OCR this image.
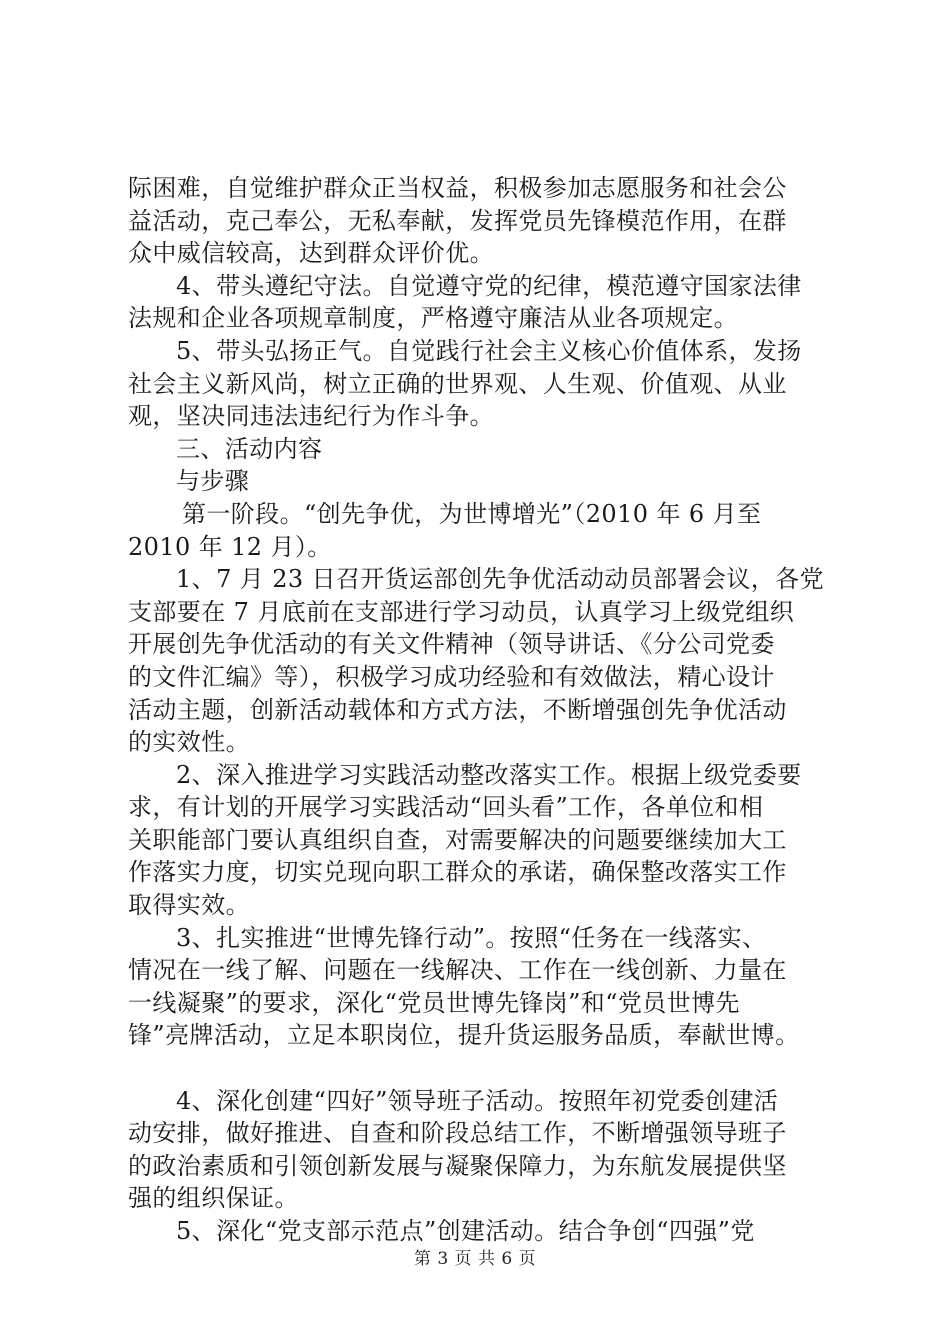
际困难，自觉维护群众正当权益，积极参加志愿服务和社会公
益活动，克己奉公，无私奉献，发挥党员先锋模范作用，在群
众中威信较高，达到群众评价优。
4、带头遵纪守法。自觉遵守党的纪律，模范遵守国家法律
法规和企业各项规章制度，严格遵守廉洁从业各项规定。
5、带头弘扬正气。自觉践行社会主义核心价值体系，发扬
社会主义新风尚，树立正确的世界观、人生观、价值观、从业
观，坚决同违法违纪行为作斗争。
三、活动内容
与步骤
第一阶段。“创先争优，为世博增光”（2010 年 6 月至
2010 年 12 月）。
1、7 月 23 日召开货运部创先争优活动动员部署会议，各党
支部要在 7 月底前在支部进行学习动员，认真学习上级党组织
开展创先争优活动的有关文件精神（领导讲话、《分公司党委
的文件汇编》等），积极学习成功经验和有效做法，精心设计
活动主题，创新活动载体和方式方法，不断增强创先争优活动
的实效性。
2、深入推进学习实践活动整改落实工作。根据上级党委要
求，有计划的开展学习实践活动“回头看”工作，各单位和相
关职能部门要认真组织自查，对需要解决的问题要继续加大工
作落实力度，切实兑现向职工群众的承诺，确保整改落实工作
取得实效。
3、扎实推进“世博先锋行动”。按照“任务在一线落实、
情况在一线了解、问题在一线解决、工作在一线创新、力量在
一线凝聚”的要求，深化“党员世博先锋岗”和“党员世博先
锋”亮牌活动，立足本职岗位，提升货运服务品质，奉献世博。
4、深化创建“四好”领导班子活动。按照年初党委创建活
动安排，做好推进、自查和阶段总结工作，不断增强领导班子
的政治素质和引领创新发展与凝聚保障力，为东航发展提供坚
强的组织保证。
5、深化“党支部示范点”创建活动。结合争创“四强”党
第 3 页 共 6 页
